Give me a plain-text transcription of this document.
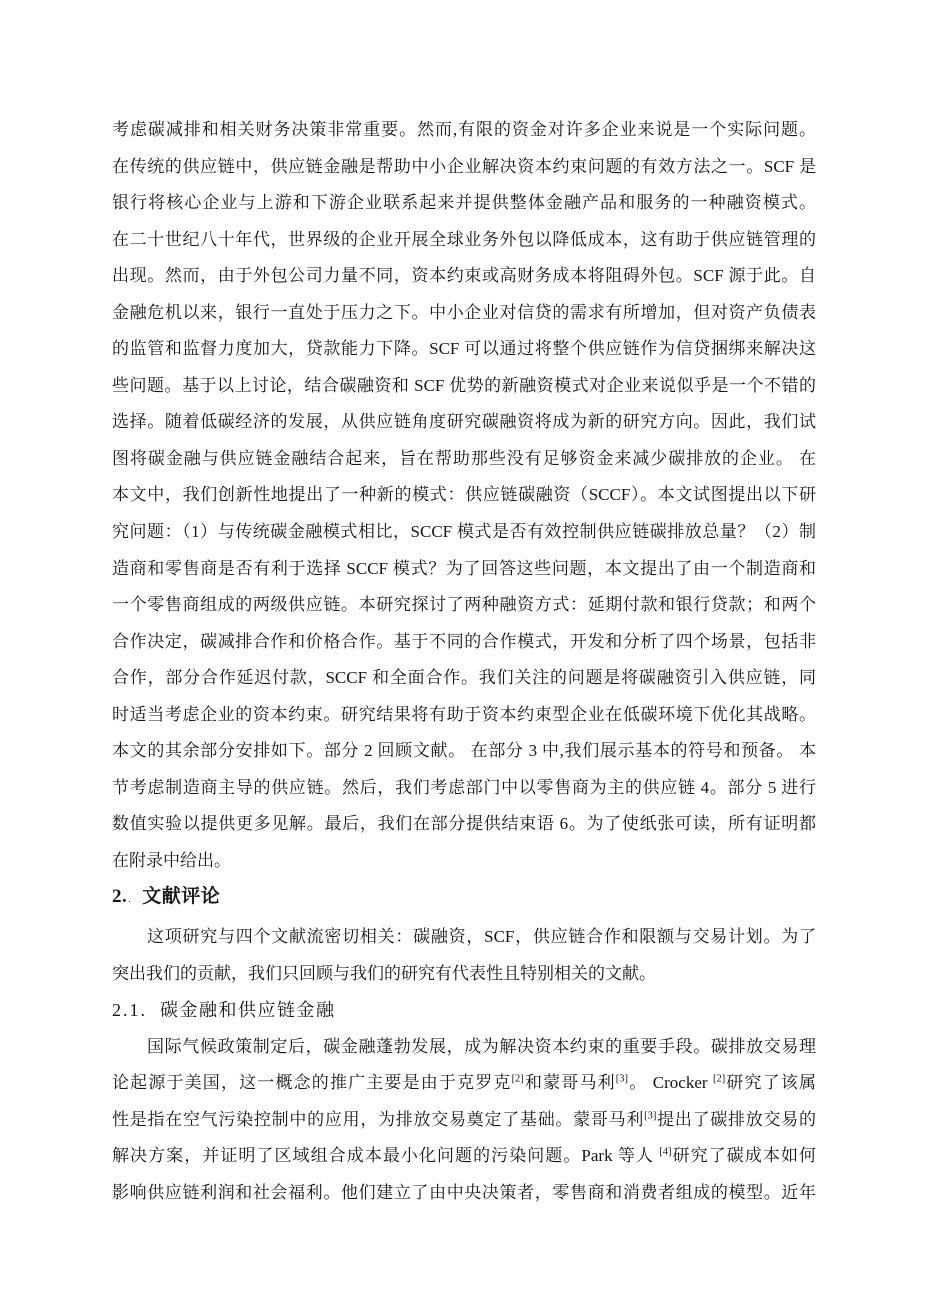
考虑碳减排和相关财务决策非常重要。然而,有限的资金对许多企业来说是一个实际问题。
在传统的供应链中，供应链金融是帮助中小企业解决资本约束问题的有效方法之一。SCF 是
银行将核心企业与上游和下游企业联系起来并提供整体金融产品和服务的一种融资模式。
在二十世纪八十年代，世界级的企业开展全球业务外包以降低成本，这有助于供应链管理的
出现。然而，由于外包公司力量不同，资本约束或高财务成本将阻碍外包。SCF 源于此。自
金融危机以来，银行一直处于压力之下。中小企业对信贷的需求有所增加，但对资产负债表
的监管和监督力度加大，贷款能力下降。SCF 可以通过将整个供应链作为信贷捆绑来解决这
些问题。基于以上讨论，结合碳融资和 SCF 优势的新融资模式对企业来说似乎是一个不错的
选择。随着低碳经济的发展，从供应链角度研究碳融资将成为新的研究方向。因此，我们试
图将碳金融与供应链金融结合起来，旨在帮助那些没有足够资金来减少碳排放的企业。 在
本文中，我们创新性地提出了一种新的模式：供应链碳融资（SCCF）。本文试图提出以下研
究问题：（1）与传统碳金融模式相比，SCCF 模式是否有效控制供应链碳排放总量？（2）制
造商和零售商是否有利于选择 SCCF 模式？为了回答这些问题，本文提出了由一个制造商和
一个零售商组成的两级供应链。本研究探讨了两种融资方式：延期付款和银行贷款；和两个
合作决定，碳减排合作和价格合作。基于不同的合作模式，开发和分析了四个场景，包括非
合作，部分合作延迟付款，SCCF 和全面合作。我们关注的问题是将碳融资引入供应链，同
时适当考虑企业的资本约束。研究结果将有助于资本约束型企业在低碳环境下优化其战略。
本文的其余部分安排如下。部分 2 回顾文献。 在部分 3 中,我们展示基本的符号和预备。 本
节考虑制造商主导的供应链。然后，我们考虑部门中以零售商为主的供应链 4。部分 5 进行
数值实验以提供更多见解。最后，我们在部分提供结束语 6。为了使纸张可读，所有证明都
在附录中给出。
2.. 文献评论
这项研究与四个文献流密切相关：碳融资，SCF，供应链合作和限额与交易计划。为了
突出我们的贡献，我们只回顾与我们的研究有代表性且特别相关的文献。
2.1. 碳金融和供应链金融
国际气候政策制定后，碳金融蓬勃发展，成为解决资本约束的重要手段。碳排放交易理
论起源于美国，这一概念的推广主要是由于克罗克[2]和蒙哥马利[3]。 Crocker [2]研究了该属
性是指在空气污染控制中的应用，为排放交易奠定了基础。蒙哥马利[3]提出了碳排放交易的
解决方案，并证明了区域组合成本最小化问题的污染问题。Park 等人 [4]研究了碳成本如何
影响供应链利润和社会福利。他们建立了由中央决策者，零售商和消费者组成的模型。近年
